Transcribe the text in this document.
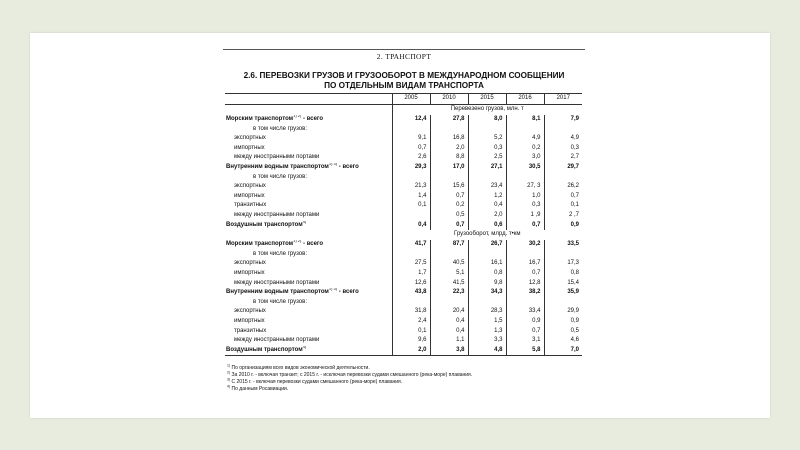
2. ТРАНСПОРТ
2.6. ПЕРЕВОЗКИ ГРУЗОВ И ГРУЗООБОРОТ В МЕЖДУНАРОДНОМ СООБЩЕНИИ
ПО ОТДЕЛЬНЫМ ВИДАМ ТРАНСПОРТА
	2005	2010	2015	2016	2017
	Перевезено грузов, млн. т				
Морским транспортом$^{1) 2)}$ - всего	12,4	27,8	8,0	8,1	7,9
в том числе грузов:					
экспортных	9,1	16,8	5,2	4,9	4,9
импортных	0,7	2,0	0,3	0,2	0,3
между иностранными портами	2,6	8,8	2,5	3,0	2,7
Внутренним водным транспортом$^{1) 3)}$ - всего	29,3	17,0	27,1	30,5	29,7
в том числе грузов:					
экспортных	21,3	15,6	23,4	27, 3	26,2
импортных	1,4	0,7	1,2	1,0	0,7
транзитных	0,1	0,2	0,4	0,3	0,1
между иностранными портами		0,5	2,0	1 ,9	2 ,7
Воздушным транспортом$^{4)}$	0,4	0,7	0,6	0,7	0,9
	Грузооборот, млрд. т•км				
Морским транспортом$^{1) 2)}$ - всего	41,7	87,7	26,7	30,2	33,5
в том числе грузов:					
экспортных	27,5	40,5	16,1	16,7	17,3
импортных	1,7	5,1	0,8	0,7	0,8
между иностранными портами	12,6	41,5	9,8	12,8	15,4
Внутренним водным транспортом$^{1) 3)}$ - всего	43,8	22,3	34,3	38,2	35,9
в том числе грузов:					
экспортных	31,8	20,4	28,3	33,4	29,9
импортных	2,4	0,4	1,5	0,9	0,9
транзитных	0,1	0,4	1,3	0,7	0,5
между иностранными портами	9,6	1,1	3,3	3,1	4,6
Воздушным транспортом$^{4)}$	2,0	3,8	4,8	5,8	7,0
$^{1)}$ По организациям всех видов экономической деятельности.
$^{2)}$ За 2010 г. - включая транзит; с 2015 г. - исключая перевозки судами смешанного (река-море) плавания.
$^{3)}$ С 2015 г. - включая перевозки судами смешанного (река-море) плавания.
$^{4)}$ По данным Росавиации.
